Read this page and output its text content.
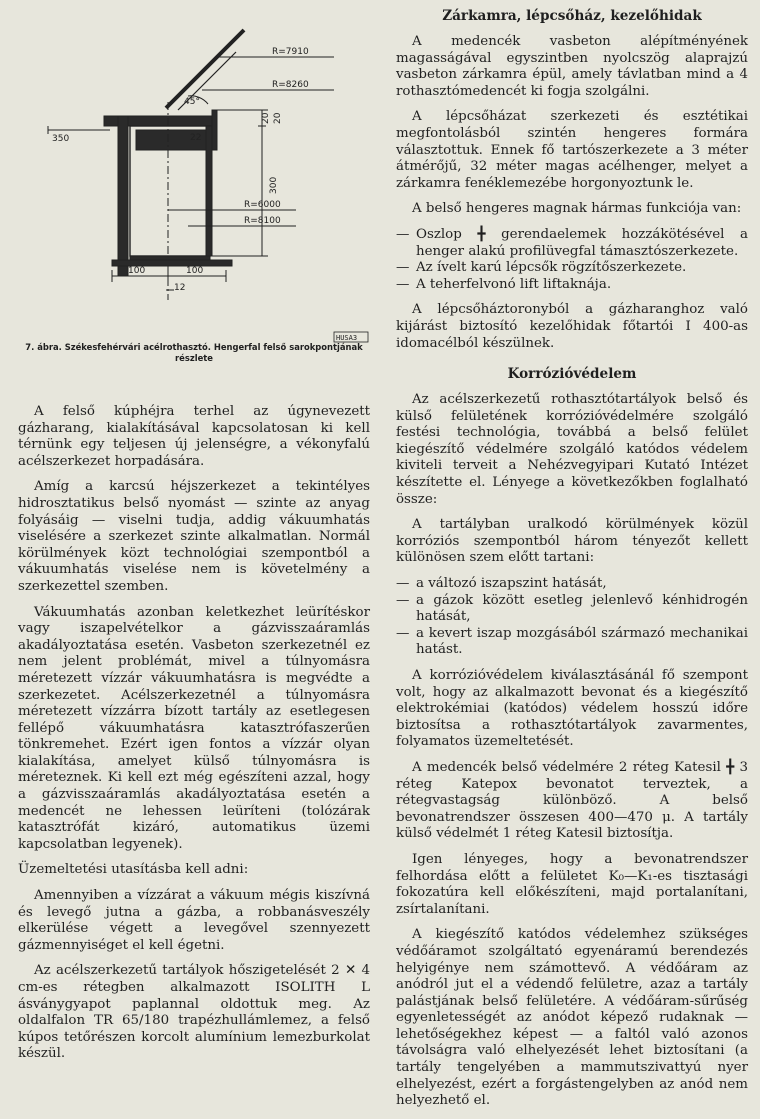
R=7910
R=8260
45°
350	22
20 20
300
R=6000
R=8100
100	100
12
HUSA3

7. ábra. Székesfehérvári acélrothasztó. Hengerfal felső sarokpontjának részlete

A felső kúphéjra terhel az úgynevezett gázharang, kialakításával kapcsolatosan ki kell térnünk egy teljesen új jelenségre, a vékonyfalú acélszerkezet horpadására.

Amíg a karcsú héjszerkezet a tekintélyes hidrosztatikus belső nyomást — szinte az anyag folyásáig — viselni tudja, addig vákuumhatás viselésére a szerkezet szinte alkalmatlan. Normál körülmények közt technológiai szempontból a vákuumhatás viselése nem is követelmény a szerkezettel szemben.

Vákuumhatás azonban keletkezhet leürítéskor vagy iszapelvételkor a gázvisszaáramlás akadályoztatása esetén. Vasbeton szerkezetnél ez nem jelent problémát, mivel a túlnyomásra méretezett vízzár vákuumhatásra is megvédte a szerkezetet. Acélszerkezetnél a túlnyomásra méretezett vízzárra bízott tartály az esetlegesen fellépő vákuumhatásra katasztrófaszerűen tönkremehet. Ezért igen fontos a vízzár olyan kialakítása, amelyet külső túlnyomásra is méreteznek. Ki kell ezt még egészíteni azzal, hogy a gázvisszaáramlás akadályoztatása esetén a medencét ne lehessen leüríteni (tolózárak katasztrófát kizáró, automatikus üzemi kapcsolatban legyenek).

Üzemeltetési utasításba kell adni:

Amennyiben a vízzárat a vákuum mégis kiszívná és levegő jutna a gázba, a robbanásveszély elkerülése végett a levegővel szennyezett gázmennyiséget el kell égetni.

Az acélszerkezetű tartályok hőszigetelését 2 ✕ 4 cm-es rétegben alkalmazott ISOLITH L ásványgyapot paplannal oldottuk meg. Az oldalfalon TR 65/180 trapézhullámlemez, a felső kúpos tetőrészen korcolt alumínium lemezburkolat készül.

Zárkamra, lépcsőház, kezelőhidak

A medencék vasbeton alépítményének magasságával egyszintben nyolcszög alaprajzú vasbeton zárkamra épül, amely távlatban mind a 4 rothasztómedencét ki fogja szolgálni.

A lépcsőházat szerkezeti és esztétikai megfontolásból szintén hengeres formára választottuk. Ennek fő tartószerkezete a 3 méter átmérőjű, 32 méter magas acélhenger, melyet a zárkamra fenéklemezébe horgonyoztunk le.

A belső hengeres magnak hármas funkciója van:

— Oszlop ╋ gerendaelemek hozzákötésével a henger alakú profilüvegfal támasztószerkezete.
— Az ívelt karú lépcsők rögzítőszerkezete.
— A teherfelvonó lift liftaknája.

A lépcsőháztoronyból a gázharanghoz való kijárást biztosító kezelőhidak főtartói I 400-as idomacélból készülnek.

Korrózióvédelem

Az acélszerkezetű rothasztótartályok belső és külső felületének korrózióvédelmére szolgáló festési technológia, továbbá a belső felület kiegészítő védelmére szolgáló katódos védelem kiviteli terveit a Nehézvegyipari Kutató Intézet készítette el. Lényege a következőkben foglalható össze:

A tartályban uralkodó körülmények közül korróziós szempontból három tényezőt kellett különösen szem előtt tartani:

— a változó iszapszint hatását,
— a gázok között esetleg jelenlevő kénhidrogén hatását,
— a kevert iszap mozgásából származó mechanikai hatást.

A korrózióvédelem kiválasztásánál fő szempont volt, hogy az alkalmazott bevonat és a kiegészítő elektrokémiai (katódos) védelem hosszú időre biztosítsa a rothasztótartályok zavarmentes, folyamatos üzemeltetését.

A medencék belső védelmére 2 réteg Katesil ╋ 3 réteg Katepox bevonatot terveztek, a rétegvastagság különböző. A belső bevonatrendszer összesen 400—470 μ. A tartály külső védelmét 1 réteg Katesil biztosítja.

Igen lényeges, hogy a bevonatrendszer felhordása előtt a felületet K₀—K₁-es tisztasági fokozatúra kell előkészíteni, majd portalanítani, zsírtalanítani.

A kiegészítő katódos védelemhez szükséges védőáramot szolgáltató egyenáramú berendezés helyigénye nem számottevő. A védőáram az anódról jut el a védendő felületre, azaz a tartály palástjának belső felületére. A védőáram-sűrűség egyenletességét az anódot képező rudaknak — lehetőségekhez képest — a faltól való azonos távolságra való elhelyezését lehet biztosítani (a tartály tengelyében a mammutszivattyú nyer elhelyezést, ezért a forgástengelyben az anód nem helyezhető el.
